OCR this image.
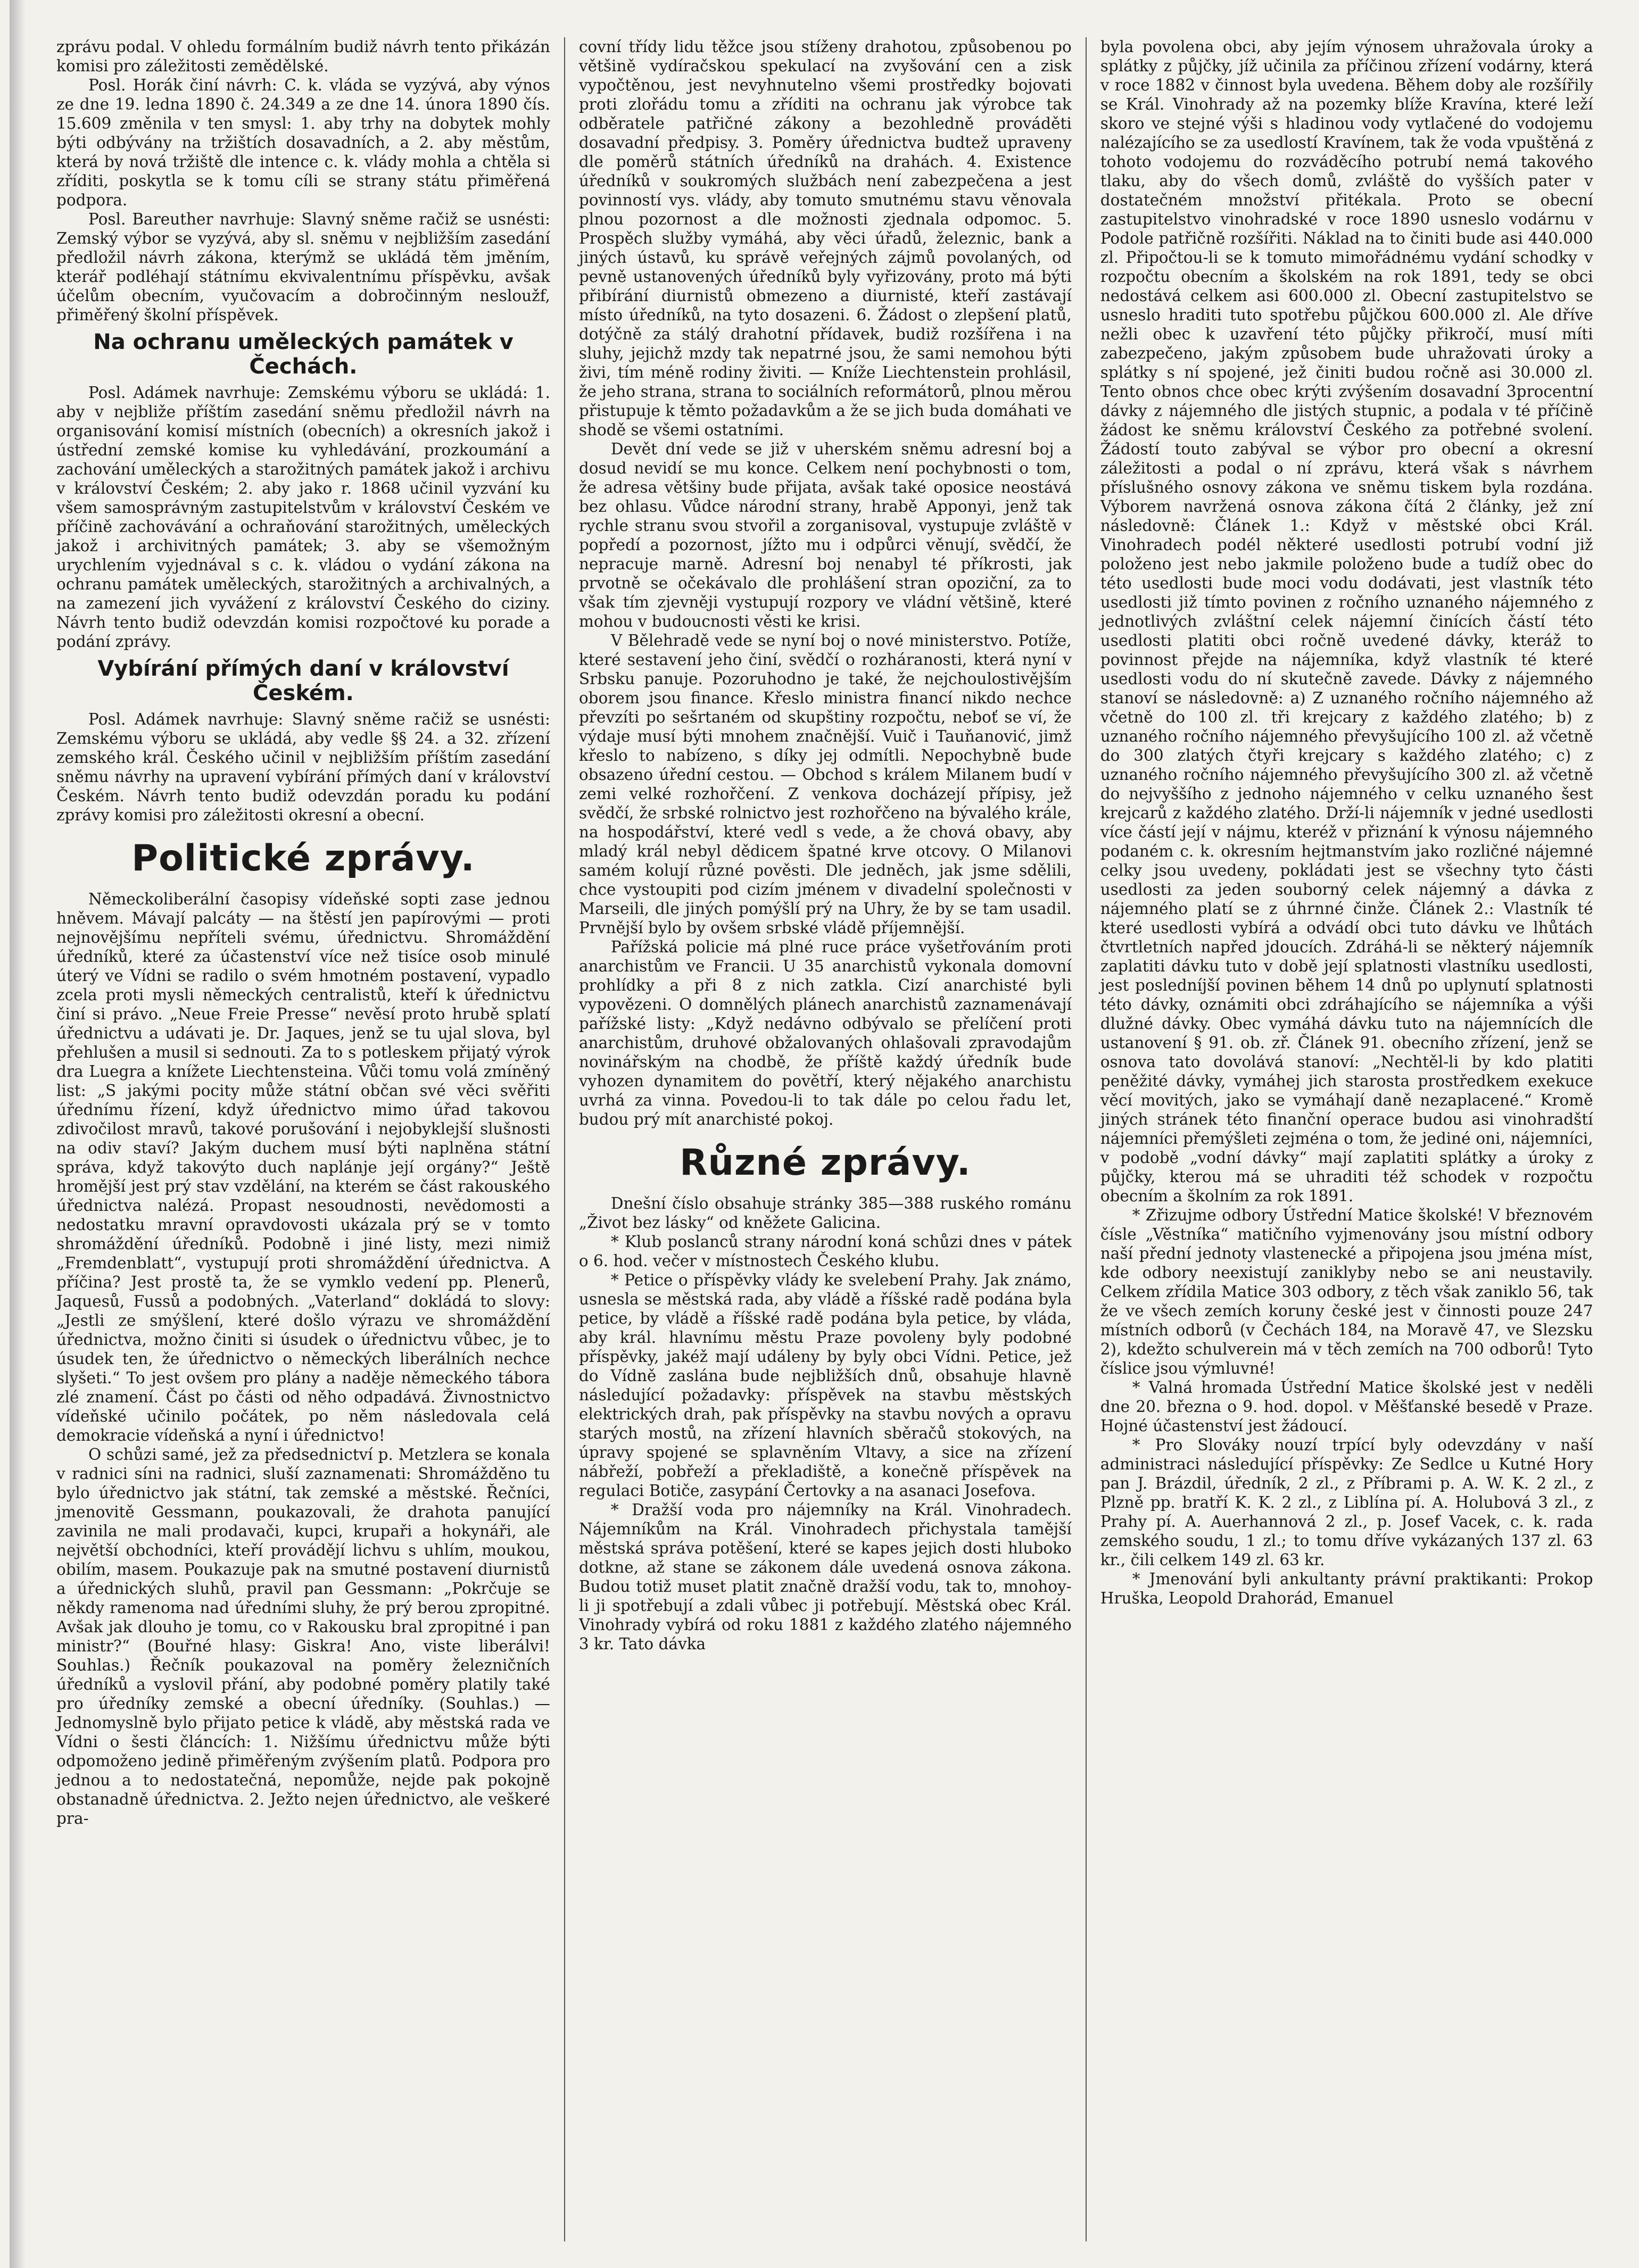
zprávu podal. V ohledu formálním budiž návrh tento přikázán komisi pro záležitosti zemědělské.

Posl. Horák činí návrh: C. k. vláda se vyzývá, aby výnos ze dne 19. ledna 1890 č. 24.349 a ze dne 14. února 1890 čís. 15.609 změnila v ten smysl: 1. aby trhy na dobytek mohly býti odbývány na tržištích dosavadních, a 2. aby městům, která by nová tržiště dle intence c. k. vlády mohla a chtěla si zříditi, poskytla se k tomu cíli se strany státu přiměřená podpora.

Posl. Bareuther navrhuje: Slavný sněme račiž se usnésti: Zemský výbor se vyzývá, aby sl. sněmu v nejbližším zasedání předložil návrh zákona, kterýmž se ukládá těm jměním, kterář podléhají státnímu ekvivalentnímu příspěvku, avšak účelům obecním, vyučovacím a dobročinným nesloužf, přiměřený školní příspěvek.

Na ochranu uměleckých památek v Čechách.

Posl. Adámek navrhuje: Zemskému výboru se ukládá: 1. aby v nejbliže příštím zasedání sněmu předložil návrh na organisování komisí místních (obecních) a okresních jakož i ústřední zemské komise ku vyhledávání, prozkoumání a zachování uměleckých a starožitných památek jakož i archivu v království Českém; 2. aby jako r. 1868 učinil vyzvání ku všem samosprávným zastupitelstvům v království Českém ve příčině zachovávání a ochraňování starožitných, uměleckých jakož i archivitných památek; 3. aby se všemožným urychlením vyjednával s c. k. vládou o vydání zákona na ochranu památek uměleckých, starožitných a archivalných, a na zamezení jich vyvážení z království Českého do ciziny. Návrh tento budiž odevzdán komisi rozpočtové ku porade a podání zprávy.

Vybírání přímých daní v království Českém.

Posl. Adámek navrhuje: Slavný sněme račiž se usnésti: Zemskému výboru se ukládá, aby vedle §§ 24. a 32. zřízení zemského král. Českého učinil v nejbližším příštím zasedání sněmu návrhy na upravení vybírání přímých daní v království Českém. Návrh tento budiž odevzdán poradu ku podání zprávy komisi pro záležitosti okresní a obecní.

Politické zprávy.

Německoliberální časopisy vídeňské sopti zase jednou hněvem. Mávají palcáty — na štěstí jen papírovými — proti nejnovějšímu nepříteli svému, úřednictvu. Shromáždění úředníků, které za účastenství více než tisíce osob minulé úterý ve Vídni se radilo o svém hmotném postavení, vypadlo zcela proti mysli německých centralistů, kteří k úřednictvu činí si právo. „Neue Freie Presse“ nevěsí proto hrubě splatí úřednictvu a udávati je. Dr. Jaques, jenž se tu ujal slova, byl přehlušen a musil si sednouti. Za to s potleskem přijatý výrok dra Luegra a knížete Liechtensteina. Vůči tomu volá zmíněný list: „S jakými pocity může státní občan své věci svěřiti úřednímu řízení, když úřednictvo mimo úřad takovou zdivočilost mravů, takové porušování i nejobyklejší slušnosti na odiv staví? Jakým duchem musí býti naplněna státní správa, když takovýto duch naplánje její orgány?“ Ještě hromější jest prý stav vzdělání, na kterém se část rakouského úřednictva nalézá. Propast nesoudnosti, nevědomosti a nedostatku mravní opravdovosti ukázala prý se v tomto shromáždění úředníků. Podobně i jiné listy, mezi nimiž „Fremdenblatt“, vystupují proti shromáždění úřednictva. A příčina? Jest prostě ta, že se vymklo vedení pp. Plenerů, Jaquesů, Fussů a podobných. „Vaterland“ dokládá to slovy: „Jestli ze smýšlení, které došlo výrazu ve shromáždění úřednictva, možno činiti si úsudek o úřednictvu vůbec, je to úsudek ten, že úřednictvo o německých liberálních nechce slyšeti.“ To jest ovšem pro plány a naděje německého tábora zlé znamení. Část po části od něho odpadává. Živnostnictvo vídeňské učinilo počátek, po něm následovala celá demokracie vídeňská a nyní i úřednictvo!

O schůzi samé, jež za předsednictví p. Metzlera se konala v radnici síni na radnici, sluší zaznamenati: Shromážděno tu bylo úřednictvo jak státní, tak zemské a městské. Řečníci, jmenovitě Gessmann, poukazovali, že drahota panující zavinila ne mali prodavači, kupci, krupaři a hokynáři, ale největší obchodníci, kteří provádějí lichvu s uhlím, moukou, obilím, masem. Poukazuje pak na smutné postavení diurnistů a úřednických sluhů, pravil pan Gessmann: „Pokrčuje se někdy ramenoma nad úředními sluhy, že prý berou zpropitné. Avšak jak dlouho je tomu, co v Rakousku bral zpropitné i pan ministr?“ (Bouřné hlasy: Giskra! Ano, viste liberálvi! Souhlas.) Řečník poukazoval na poměry železničních úředníků a vyslovil přání, aby podobné poměry platily také pro úředníky zemské a obecní úředníky. (Souhlas.) — Jednomyslně bylo přijato petice k vládě, aby městská rada ve Vídni o šesti článcích: 1. Nižšímu úřednictvu může býti odpomoženo jedině přiměřeným zvýšením platů. Podpora pro jednou a to nedostatečná, nepomůže, nejde pak pokojně obstanadně úřednictva. 2. Ježto nejen úřednictvo, ale veškeré pra-

covní třídy lidu těžce jsou stíženy drahotou, způsobenou po většině vydíračskou spekulací na zvyšování cen a zisk vypočtěnou, jest nevyhnutelno všemi prostředky bojovati proti zlořádu tomu a zříditi na ochranu jak výrobce tak odběratele patřičné zákony a bezohledně prováděti dosavadní předpisy. 3. Poměry úřednictva budtež upraveny dle poměrů státních úředníků na drahách. 4. Existence úředníků v soukromých službách není zabezpečena a jest povinností vys. vlády, aby tomuto smutnému stavu věnovala plnou pozornost a dle možnosti zjednala odpomoc. 5. Prospěch služby vymáhá, aby věci úřadů, železnic, bank a jiných ústavů, ku správě veřejných zájmů povolaných, od pevně ustanovených úředníků byly vyřizovány, proto má býti přibírání diurnistů obmezeno a diurnisté, kteří zastávají místo úředníků, na tyto dosazeni. 6. Žádost o zlepšení platů, dotýčně za stálý drahotní přídavek, budiž rozšířena i na sluhy, jejichž mzdy tak nepatrné jsou, že sami nemohou býti živi, tím méně rodiny živiti. — Kníže Liechtenstein prohlásil, že jeho strana, strana to sociálních reformátorů, plnou měrou přistupuje k těmto požadavkům a že se jich buda domáhati ve shodě se všemi ostatními.

Devět dní vede se již v uherském sněmu adresní boj a dosud nevidí se mu konce. Celkem není pochybnosti o tom, že adresa většiny bude přijata, avšak také oposice neostává bez ohlasu. Vůdce národní strany, hrabě Apponyi, jenž tak rychle stranu svou stvořil a zorganisoval, vystupuje zvláště v popředí a pozornost, jížto mu i odpůrci věnují, svědčí, že nepracuje marně. Adresní boj nenabyl té příkrosti, jak prvotně se očekávalo dle prohlášení stran opoziční, za to však tím zjevněji vystupují rozpory ve vládní většině, které mohou v budoucnosti věsti ke krisi.

V Bělehradě vede se nyní boj o nové ministerstvo. Potíže, které sestavení jeho činí, svědčí o rozháranosti, která nyní v Srbsku panuje. Pozoruhodno je také, že nejchoulostivějším oborem jsou finance. Křeslo ministra financí nikdo nechce převzíti po sešrtaném od skupštiny rozpočtu, neboť se ví, že výdaje musí býti mnohem značnější. Vuič i Tauňanović, jimž křeslo to nabízeno, s díky jej odmítli. Nepochybně bude obsazeno úřední cestou. — Obchod s králem Milanem budí v zemi velké rozhořčení. Z venkova docházejí přípisy, jež svědčí, že srbské rolnictvo jest rozhořčeno na bývalého krále, na hospodářství, které vedl s vede, a že chová obavy, aby mladý král nebyl dědicem špatné krve otcovy. O Milanovi samém kolují různé pověsti. Dle jedněch, jak jsme sdělili, chce vystoupiti pod cizím jménem v divadelní společnosti v Marseili, dle jiných pomýšlí prý na Uhry, že by se tam usadil. Prvnější bylo by ovšem srbské vládě příjemnější.

Pařížská policie má plné ruce práce vyšetřováním proti anarchistům ve Francii. U 35 anarchistů vykonala domovní prohlídky a při 8 z nich zatkla. Cizí anarchisté byli vypovězeni. O domnělých plánech anarchistů zaznamenávají pařížské listy: „Když nedávno odbývalo se přelíčení proti anarchistům, druhové obžalovaných ohlašovali zpravodajům novinářským na chodbě, že příště každý úředník bude vyhozen dynamitem do povětří, který nějakého anarchistu uvrhá za vinna. Povedou-li to tak dále po celou řadu let, budou prý mít anarchisté pokoj.

Různé zprávy.

Dnešní číslo obsahuje stránky 385—388 ruského románu „Život bez lásky“ od kněžete Galicina.

* Klub poslanců strany národní koná schůzi dnes v pátek o 6. hod. večer v místnostech Českého klubu.

* Petice o příspěvky vlády ke svelebení Prahy. Jak známo, usnesla se městská rada, aby vládě a říšské radě podána byla petice, by vládě a říšské radě podána byla petice, by vláda, aby král. hlavnímu městu Praze povoleny byly podobné příspěvky, jakéž mají událeny by byly obci Vídni. Petice, jež do Vídně zaslána bude nejbližších dnů, obsahuje hlavně následující požadavky: příspěvek na stavbu městských elektrických drah, pak příspěvky na stavbu nových a opravu starých mostů, na zřízení hlavních sběračů stokových, na úpravy spojené se splavněním Vltavy, a sice na zřízení nábřeží, pobřeží a překladiště, a konečně příspěvek na regulaci Botiče, zasypání Čertovky a na asanaci Josefova.

* Dražší voda pro nájemníky na Král. Vinohradech. Nájemníkům na Král. Vinohradech přichystala tamější městská správa potěšení, které se kapes jejich dosti hluboko dotkne, až stane se zákonem dále uvedená osnova zákona. Budou totiž muset platit značně dražší vodu, tak to, mnohoy-li ji spotřebují a zdali vůbec ji potřebují. Městská obec Král. Vinohrady vybírá od roku 1881 z každého zlatého nájemného 3 kr. Tato dávka

byla povolena obci, aby jejím výnosem uhražovala úroky a splátky z půjčky, jíž učinila za příčinou zřízení vodárny, která v roce 1882 v činnost byla uvedena. Během doby ale rozšířily se Král. Vinohrady až na pozemky blíže Kravína, které leží skoro ve stejné výši s hladinou vody vytlačené do vodojemu nalézajícího se za usedlostí Kravínem, tak že voda vpuštěná z tohoto vodojemu do rozváděcího potrubí nemá takového tlaku, aby do všech domů, zvláště do vyšších pater v dostatečném množství přitékala. Proto se obecní zastupitelstvo vinohradské v roce 1890 usneslo vodárnu v Podole patřičně rozšířiti. Náklad na to činiti bude asi 440.000 zl. Připočtou-li se k tomuto mimořádnému vydání schodky v rozpočtu obecním a školském na rok 1891, tedy se obci nedostává celkem asi 600.000 zl. Obecní zastupitelstvo se usneslo hraditi tuto spotřebu půjčkou 600.000 zl. Ale dříve nežli obec k uzavření této půjčky přikročí, musí míti zabezpečeno, jakým způsobem bude uhražovati úroky a splátky s ní spojené, jež činiti budou ročně asi 30.000 zl. Tento obnos chce obec krýti zvýšením dosavadní 3procentní dávky z nájemného dle jistých stupnic, a podala v té příčině žádost ke sněmu království Českého za potřebné svolení. Žádostí touto zabýval se výbor pro obecní a okresní záležitosti a podal o ní zprávu, která však s návrhem příslušného osnovy zákona ve sněmu tiskem byla rozdána. Výborem navržená osnova zákona čítá 2 články, jež zní následovně: Článek 1.: Když v městské obci Král. Vinohradech podél některé usedlosti potrubí vodní již položeno jest nebo jakmile položeno bude a tudíž obec do této usedlosti bude moci vodu dodávati, jest vlastník této usedlosti již tímto povinen z ročního uznaného nájemného z jednotlivých zvláštní celek nájemní činících částí této usedlosti platiti obci ročně uvedené dávky, kteráž to povinnost přejde na nájemníka, když vlastník té které usedlosti vodu do ní skutečně zavede. Dávky z nájemného stanoví se následovně: a) Z uznaného ročního nájemného až včetně do 100 zl. tři krejcary z každého zlatého; b) z uznaného ročního nájemného převyšujícího 100 zl. až včetně do 300 zlatých čtyři krejcary s každého zlatého; c) z uznaného ročního nájemného převyšujícího 300 zl. až včetně do nejvyššího z jednoho nájemného v celku uznaného šest krejcarů z každého zlatého. Drží-li nájemník v jedné usedlosti více částí její v nájmu, kteréž v přiznání k výnosu nájemného podaném c. k. okresním hejtmanstvím jako rozličné nájemné celky jsou uvedeny, pokládati jest se všechny tyto části usedlosti za jeden souborný celek nájemný a dávka z nájemného platí se z úhrnné činže. Článek 2.: Vlastník té které usedlosti vybírá a odvádí obci tuto dávku ve lhůtách čtvrtletních napřed jdoucích. Zdráhá-li se některý nájemník zaplatiti dávku tuto v době její splatnosti vlastníku usedlosti, jest posledníjší povinen během 14 dnů po uplynutí splatnosti této dávky, oznámiti obci zdráhajícího se nájemníka a výši dlužné dávky. Obec vymáhá dávku tuto na nájemnících dle ustanovení § 91. ob. zř. Článek 91. obecního zřízení, jenž se osnova tato dovolává stanoví: „Nechtěl-li by kdo platiti peněžité dávky, vymáhej jich starosta prostředkem exekuce věcí movitých, jako se vymáhají daně nezaplacené.“ Kromě jiných stránek této finanční operace budou asi vinohradští nájemníci přemýšleti zejména o tom, že jediné oni, nájemníci, v podobě „vodní dávky“ mají zaplatiti splátky a úroky z půjčky, kterou má se uhraditi též schodek v rozpočtu obecním a školním za rok 1891.

* Zřizujme odbory Ústřední Matice školské! V březnovém čísle „Věstníka“ matičního vyjmenovány jsou místní odbory naší přední jednoty vlastenecké a připojena jsou jména míst, kde odbory neexistují zaniklyby nebo se ani neustavily. Celkem zřídila Matice 303 odbory, z těch však zaniklo 56, tak že ve všech zemích koruny české jest v činnosti pouze 247 místních odborů (v Čechách 184, na Moravě 47, ve Slezsku 2), kdežto schulverein má v těch zemích na 700 odborů! Tyto číslice jsou výmluvné!

* Valná hromada Ústřední Matice školské jest v neděli dne 20. března o 9. hod. dopol. v Měšťanské besedě v Praze. Hojné účastenství jest žádoucí.

* Pro Slováky nouzí trpící byly odevzdány v naší administraci následující příspěvky: Ze Sedlce u Kutné Hory pan J. Brázdil, úředník, 2 zl., z Příbrami p. A. W. K. 2 zl., z Plzně pp. bratří K. K. 2 zl., z Liblína pí. A. Holubová 3 zl., z Prahy pí. A. Auerhannová 2 zl., p. Josef Vacek, c. k. rada zemského soudu, 1 zl.; to tomu dříve vykázaných 137 zl. 63 kr., čili celkem 149 zl. 63 kr.

* Jmenování byli ankultanty právní praktikanti: Prokop Hruška, Leopold Drahorád, Emanuel
